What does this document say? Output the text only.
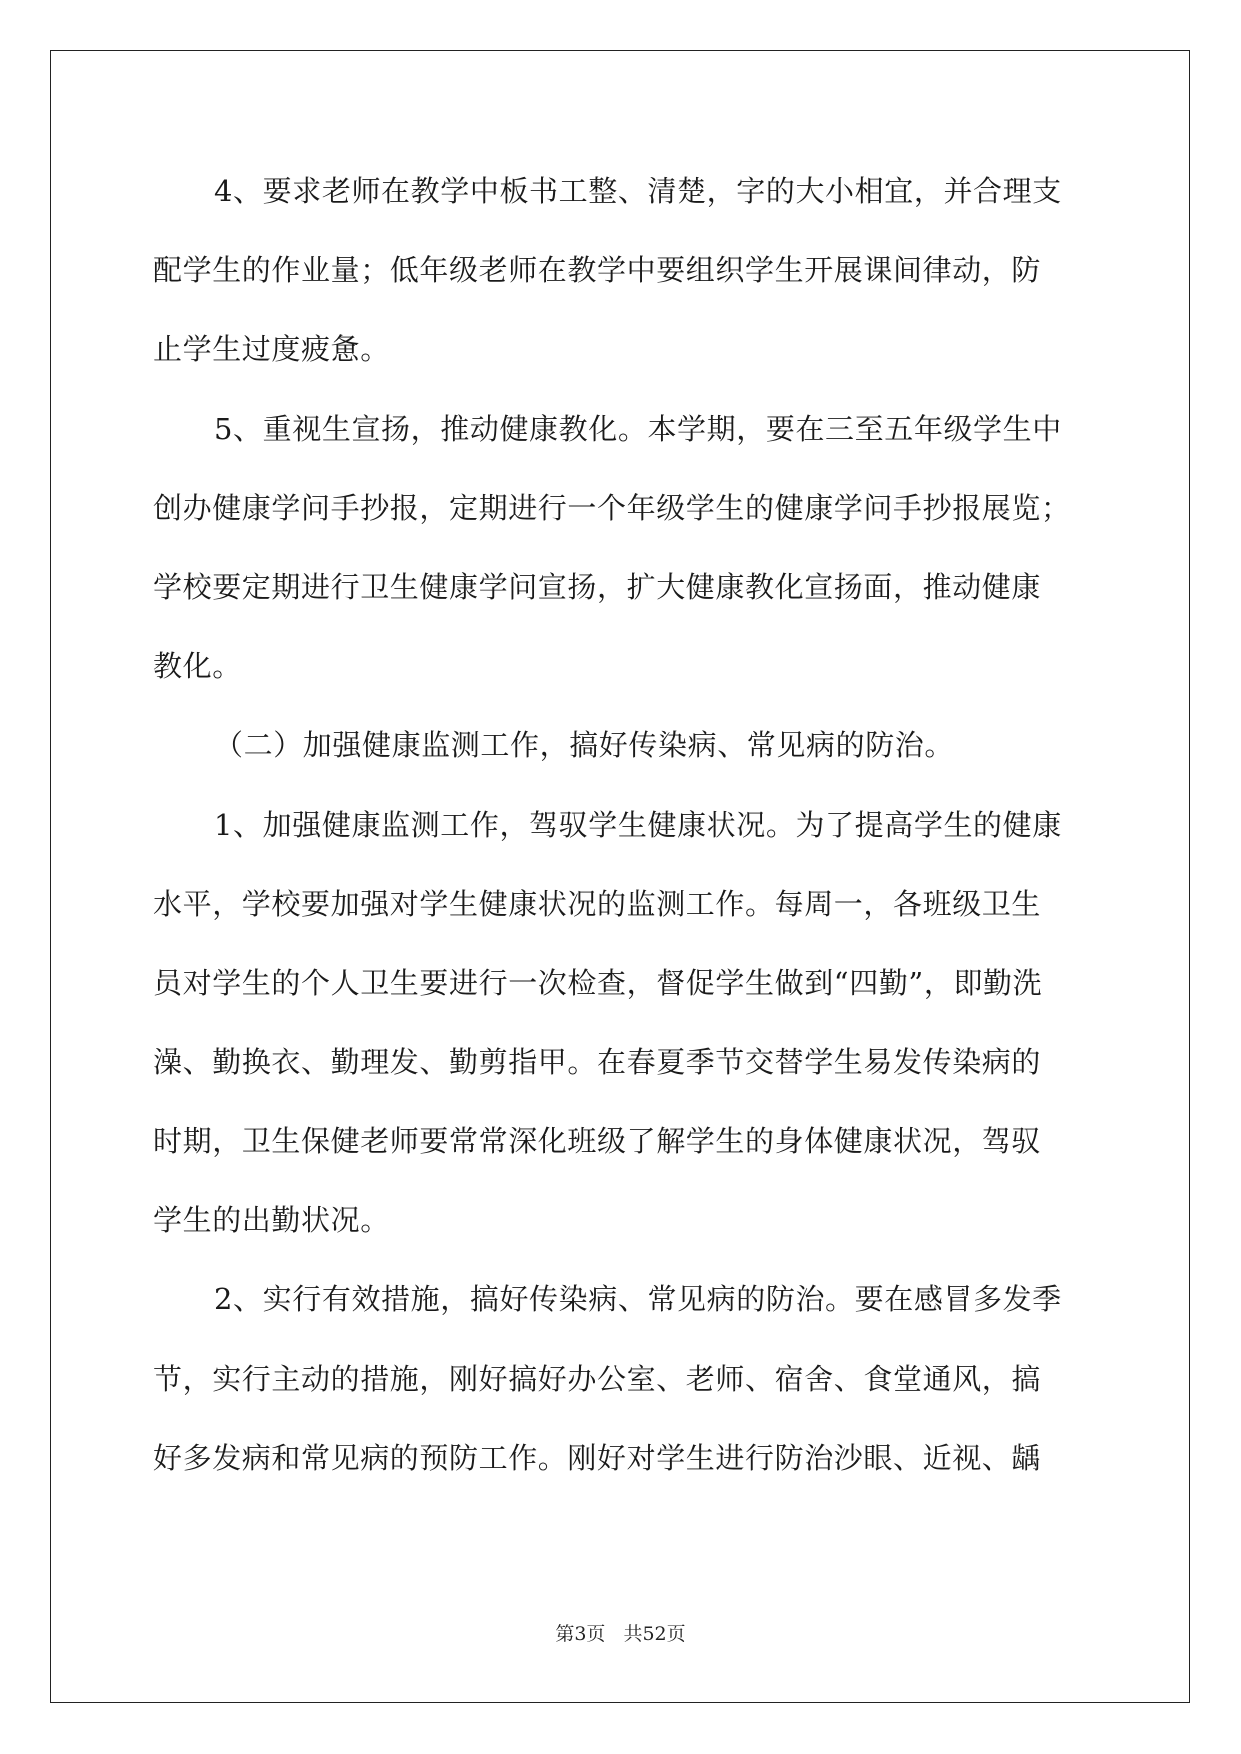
4、要求老师在教学中板书工整、清楚，字的大小相宜，并合理支
配学生的作业量；低年级老师在教学中要组织学生开展课间律动，防
止学生过度疲惫。
5、重视生宣扬，推动健康教化。本学期，要在三至五年级学生中
创办健康学问手抄报，定期进行一个年级学生的健康学问手抄报展览；
学校要定期进行卫生健康学问宣扬，扩大健康教化宣扬面，推动健康
教化。
（二）加强健康监测工作，搞好传染病、常见病的防治。
1、加强健康监测工作，驾驭学生健康状况。为了提高学生的健康
水平，学校要加强对学生健康状况的监测工作。每周一，各班级卫生
员对学生的个人卫生要进行一次检查，督促学生做到“四勤”，即勤洗
澡、勤换衣、勤理发、勤剪指甲。在春夏季节交替学生易发传染病的
时期，卫生保健老师要常常深化班级了解学生的身体健康状况，驾驭
学生的出勤状况。
2、实行有效措施，搞好传染病、常见病的防治。要在感冒多发季
节，实行主动的措施，刚好搞好办公室、老师、宿舍、食堂通风，搞
好多发病和常见病的预防工作。刚好对学生进行防治沙眼、近视、龋
第3页 共52页
